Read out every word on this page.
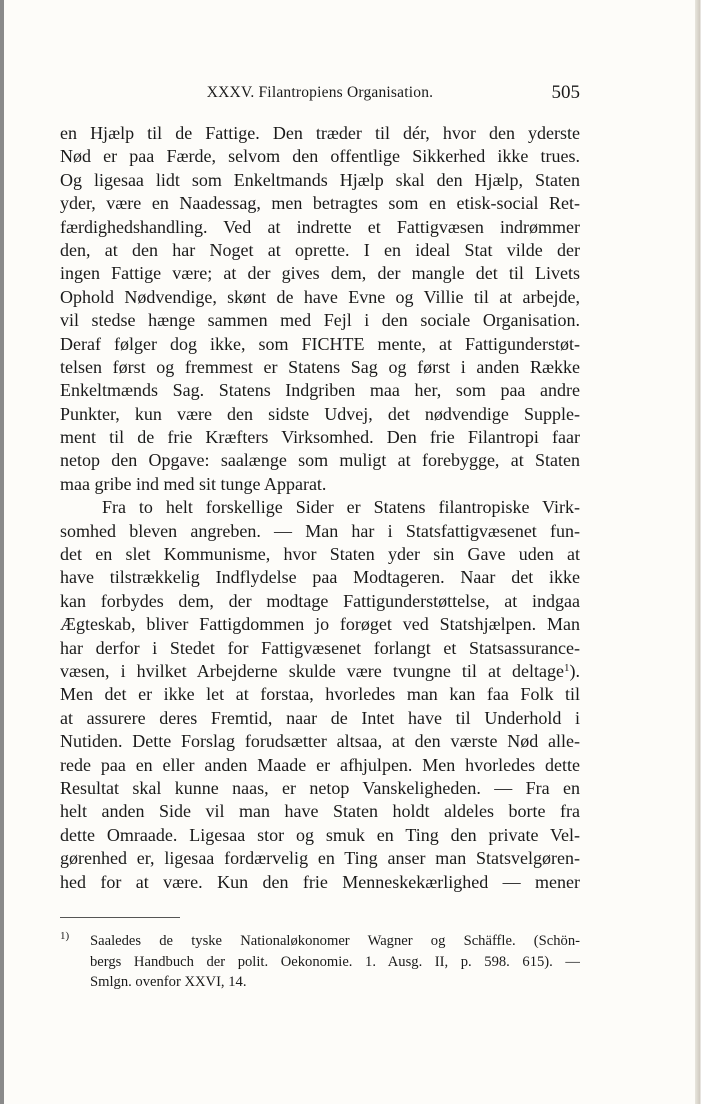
XXXV. Filantropiens Organisation.	505
en Hjælp til de Fattige. Den træder til dér, hvor den yderste
Nød er paa Færde, selvom den offentlige Sikkerhed ikke trues.
Og ligesaa lidt som Enkeltmands Hjælp skal den Hjælp, Staten
yder, være en Naadessag, men betragtes som en etisk-social Ret-
færdighedshandling. Ved at indrette et Fattigvæsen indrømmer
den, at den har Noget at oprette. I en ideal Stat vilde der
ingen Fattige være; at der gives dem, der mangle det til Livets
Ophold Nødvendige, skønt de have Evne og Villie til at arbejde,
vil stedse hænge sammen med Fejl i den sociale Organisation.
Deraf følger dog ikke, som FICHTE mente, at Fattigunderstøt-
telsen først og fremmest er Statens Sag og først i anden Række
Enkeltmænds Sag. Statens Indgriben maa her, som paa andre
Punkter, kun være den sidste Udvej, det nødvendige Supple-
ment til de frie Kræfters Virksomhed. Den frie Filantropi faar
netop den Opgave: saalænge som muligt at forebygge, at Staten
maa gribe ind med sit tunge Apparat.
Fra to helt forskellige Sider er Statens filantropiske Virk-
somhed bleven angreben. — Man har i Statsfattigvæsenet fun-
det en slet Kommunisme, hvor Staten yder sin Gave uden at
have tilstrækkelig Indflydelse paa Modtageren. Naar det ikke
kan forbydes dem, der modtage Fattigunderstøttelse, at indgaa
Ægteskab, bliver Fattigdommen jo forøget ved Statshjælpen. Man
har derfor i Stedet for Fattigvæsenet forlangt et Statsassurance-
væsen, i hvilket Arbejderne skulde være tvungne til at deltage$^1$).
Men det er ikke let at forstaa, hvorledes man kan faa Folk til
at assurere deres Fremtid, naar de Intet have til Underhold i
Nutiden. Dette Forslag forudsætter altsaa, at den værste Nød alle-
rede paa en eller anden Maade er afhjulpen. Men hvorledes dette
Resultat skal kunne naas, er netop Vanskeligheden. — Fra en
helt anden Side vil man have Staten holdt aldeles borte fra
dette Omraade. Ligesaa stor og smuk en Ting den private Vel-
gørenhed er, ligesaa fordærvelig en Ting anser man Statsvelgøren-
hed for at være. Kun den frie Menneskekærlighed — mener
1) Saaledes de tyske Nationaløkonomer Wagner og Schäffle. (Schön-
bergs Handbuch der polit. Oekonomie. 1. Ausg. II, p. 598. 615). —
Smlgn. ovenfor XXVI, 14.
